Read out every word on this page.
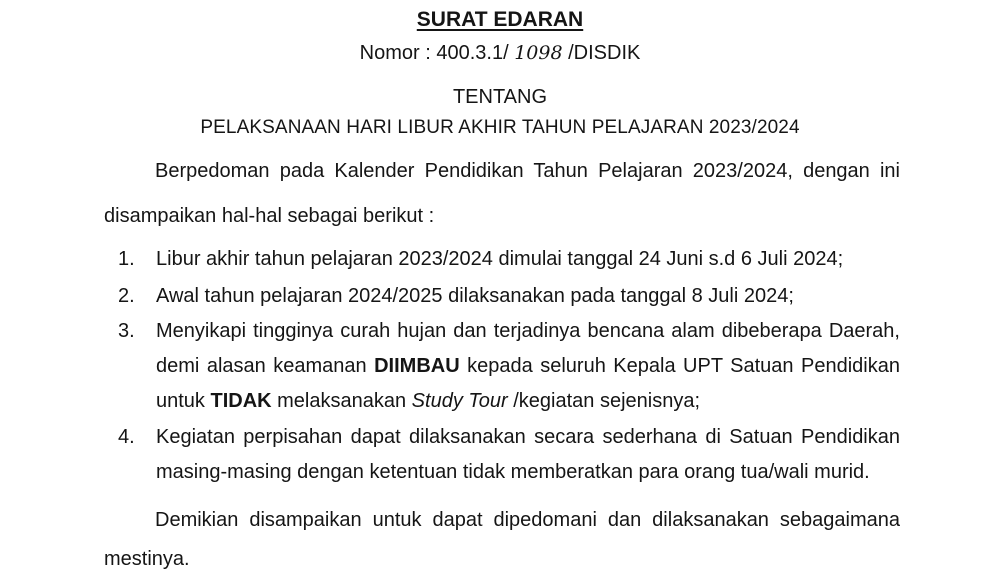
SURAT EDARAN
Nomor : 400.3.1/ 1098 /DISDIK
TENTANG
PELAKSANAAN HARI LIBUR AKHIR TAHUN PELAJARAN 2023/2024
Berpedoman pada Kalender Pendidikan Tahun Pelajaran 2023/2024, dengan ini
disampaikan hal-hal sebagai berikut :
1. Libur akhir tahun pelajaran 2023/2024 dimulai tanggal 24 Juni s.d 6 Juli 2024;
2. Awal tahun pelajaran 2024/2025 dilaksanakan pada tanggal 8 Juli 2024;
3. Menyikapi tingginya curah hujan dan terjadinya bencana alam dibeberapa Daerah,
demi alasan keamanan DIIMBAU kepada seluruh Kepala UPT Satuan Pendidikan
untuk TIDAK melaksanakan Study Tour /kegiatan sejenisnya;
4. Kegiatan perpisahan dapat dilaksanakan secara sederhana di Satuan Pendidikan
masing-masing dengan ketentuan tidak memberatkan para orang tua/wali murid.
Demikian disampaikan untuk dapat dipedomani dan dilaksanakan sebagaimana
mestinya.
